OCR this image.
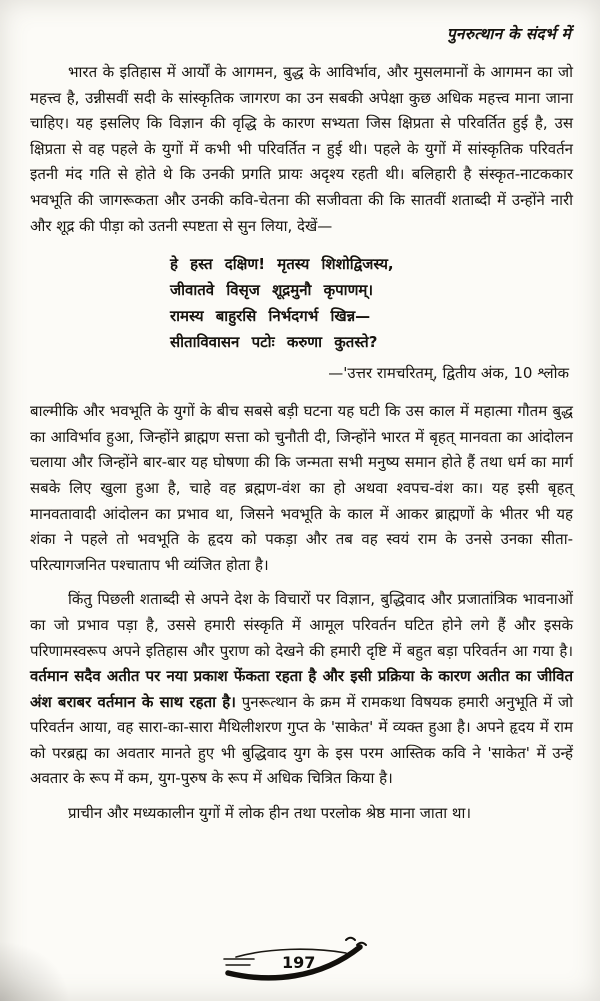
पुनरुत्थान के संदर्भ में

भारत के इतिहास में आर्यों के आगमन, बुद्ध के आविर्भाव, और मुसलमानों के आगमन का जो महत्त्व है, उन्नीसवीं सदी के सांस्कृतिक जागरण का उन सबकी अपेक्षा कुछ अधिक महत्त्व माना जाना चाहिए। यह इसलिए कि विज्ञान की वृद्धि के कारण सभ्यता जिस क्षिप्रता से परिवर्तित हुई है, उस क्षिप्रता से वह पहले के युगों में कभी भी परिवर्तित न हुई थी। पहले के युगों में सांस्कृतिक परिवर्तन इतनी मंद गति से होते थे कि उनकी प्रगति प्रायः अदृश्य रहती थी। बलिहारी है संस्कृत-नाटककार भवभूति की जागरूकता और उनकी कवि-चेतना की सजीवता की कि सातवीं शताब्दी में उन्होंने नारी और शूद्र की पीड़ा को उतनी स्पष्टता से सुन लिया, देखें—

हे हस्त दक्षिण! मृतस्य शिशोद्विजस्य,
जीवातवे विसृज शूद्रमुनौ कृपाणम्।
रामस्य बाहुरसि निर्भदगर्भ खिन्न—
सीताविवासन पटोः करुणा कुतस्ते?
—'उत्तर रामचरितम्, द्वितीय अंक, 10 श्लोक

बाल्मीकि और भवभूति के युगों के बीच सबसे बड़ी घटना यह घटी कि उस काल में महात्मा गौतम बुद्ध का आविर्भाव हुआ, जिन्होंने ब्राह्मण सत्ता को चुनौती दी, जिन्होंने भारत में बृहत् मानवता का आंदोलन चलाया और जिन्होंने बार-बार यह घोषणा की कि जन्मता सभी मनुष्य समान होते हैं तथा धर्म का मार्ग सबके लिए खुला हुआ है, चाहे वह ब्रह्मण-वंश का हो अथवा श्वपच-वंश का। यह इसी बृहत् मानवतावादी आंदोलन का प्रभाव था, जिसने भवभूति के काल में आकर ब्राह्मणों के भीतर भी यह शंका ने पहले तो भवभूति के हृदय को पकड़ा और तब वह स्वयं राम के उनसे उनका सीता-परित्यागजनित पश्चाताप भी व्यंजित होता है।

किंतु पिछली शताब्दी से अपने देश के विचारों पर विज्ञान, बुद्धिवाद और प्रजातांत्रिक भावनाओं का जो प्रभाव पड़ा है, उससे हमारी संस्कृति में आमूल परिवर्तन घटित होने लगे हैं और इसके परिणामस्वरूप अपने इतिहास और पुराण को देखने की हमारी दृष्टि में बहुत बड़ा परिवर्तन आ गया है। वर्तमान सदैव अतीत पर नया प्रकाश फेंकता रहता है और इसी प्रक्रिया के कारण अतीत का जीवित अंश बराबर वर्तमान के साथ रहता है। पुनरूत्थान के क्रम में रामकथा विषयक हमारी अनुभूति में जो परिवर्तन आया, वह सारा-का-सारा मैथिलीशरण गुप्त के 'साकेत' में व्यक्त हुआ है। अपने हृदय में राम को परब्रह्म का अवतार मानते हुए भी बुद्धिवाद युग के इस परम आस्तिक कवि ने 'साकेत' में उन्हें अवतार के रूप में कम, युग-पुरुष के रूप में अधिक चित्रित किया है।

प्राचीन और मध्यकालीन युगों में लोक हीन तथा परलोक श्रेष्ठ माना जाता था।

197
